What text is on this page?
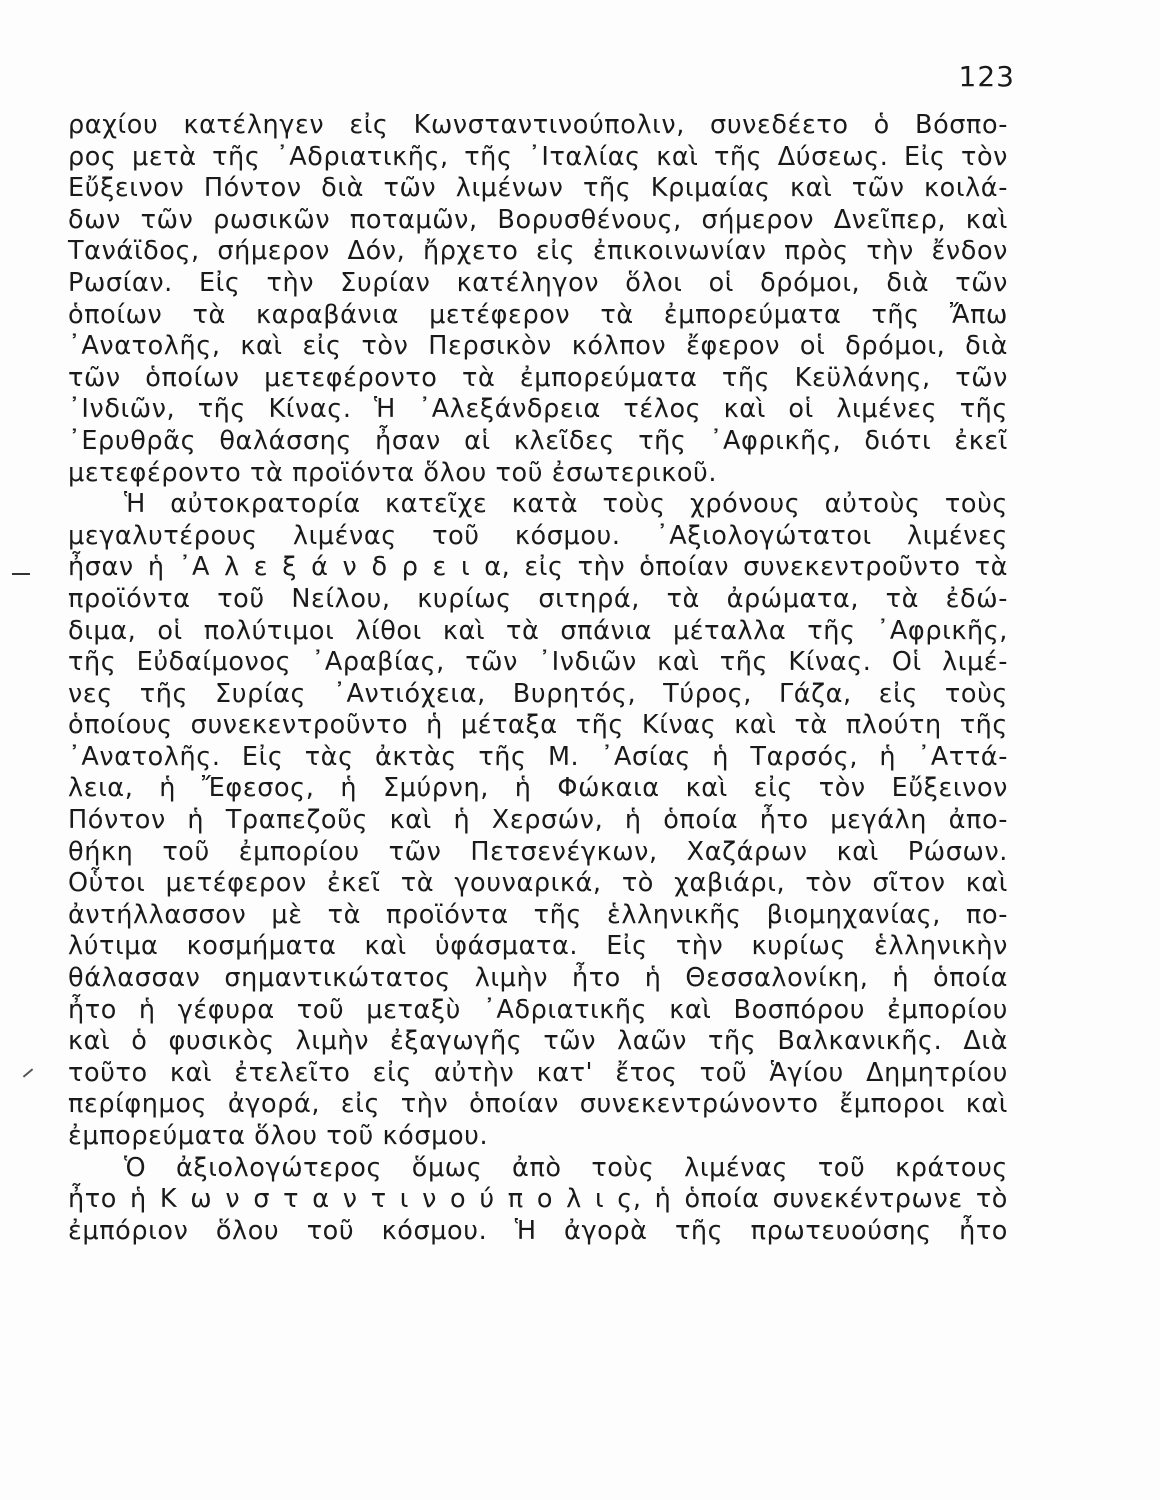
123
ραχίου κατέληγεν εἰς Κωνσταντινούπολιν, συνεδέετο ὁ Βόσπο-
ρος μετὰ τῆς ᾿Αδριατικῆς, τῆς ᾿Ιταλίας καὶ τῆς Δύσεως. Εἰς τὸν
Εὔξεινον Πόντον διὰ τῶν λιμένων τῆς Κριμαίας καὶ τῶν κοιλά-
δων τῶν ρωσικῶν ποταμῶν, Βορυσθένους, σήμερον Δνεῖπερ, καὶ
Τανάϊδος, σήμερον Δόν, ἤρχετο εἰς ἐπικοινωνίαν πρὸς τὴν ἔνδον
Ρωσίαν. Εἰς τὴν Συρίαν κατέληγον ὅλοι οἱ δρόμοι, διὰ τῶν
ὁποίων τὰ καραβάνια μετέφερον τὰ ἐμπορεύματα τῆς Ἄπω
᾿Ανατολῆς, καὶ εἰς τὸν Περσικὸν κόλπον ἔφερον οἱ δρόμοι, διὰ
τῶν ὁποίων μετεφέροντο τὰ ἐμπορεύματα τῆς Κεϋλάνης, τῶν
᾿Ινδιῶν, τῆς Κίνας. Ἡ ᾿Αλεξάνδρεια τέλος καὶ οἱ λιμένες τῆς
᾿Ερυθρᾶς θαλάσσης ἦσαν αἱ κλεῖδες τῆς ᾿Αφρικῆς, διότι ἐκεῖ
μετεφέροντο τὰ προϊόντα ὅλου τοῦ ἐσωτερικοῦ.
Ἡ αὐτοκρατορία κατεῖχε κατὰ τοὺς χρόνους αὐτοὺς τοὺς
μεγαλυτέρους λιμένας τοῦ κόσμου. ᾿Αξιολογώτατοι λιμένες
ἦσαν ἡ ᾿Α λ ε ξ ά ν δ ρ ε ι α, εἰς τὴν ὁποίαν συνεκεντροῦντο τὰ
προϊόντα τοῦ Νείλου, κυρίως σιτηρά, τὰ ἀρώματα, τὰ ἐδώ-
διμα, οἱ πολύτιμοι λίθοι καὶ τὰ σπάνια μέταλλα τῆς ᾿Αφρικῆς,
τῆς Εὐδαίμονος ᾿Αραβίας, τῶν ᾿Ινδιῶν καὶ τῆς Κίνας. Οἱ λιμέ-
νες τῆς Συρίας ᾿Αντιόχεια, Βυρητός, Τύρος, Γάζα, εἰς τοὺς
ὁποίους συνεκεντροῦντο ἡ μέταξα τῆς Κίνας καὶ τὰ πλούτη τῆς
᾿Ανατολῆς. Εἰς τὰς ἀκτὰς τῆς Μ. ᾿Ασίας ἡ Ταρσός, ἡ ᾿Αττά-
λεια, ἡ Ἔφεσος, ἡ Σμύρνη, ἡ Φώκαια καὶ εἰς τὸν Εὔξεινον
Πόντον ἡ Τραπεζοῦς καὶ ἡ Χερσών, ἡ ὁποία ἦτο μεγάλη ἀπο-
θήκη τοῦ ἐμπορίου τῶν Πετσενέγκων, Χαζάρων καὶ Ρώσων.
Οὗτοι μετέφερον ἐκεῖ τὰ γουναρικά, τὸ χαβιάρι, τὸν σῖτον καὶ
ἀντήλλασσον μὲ τὰ προϊόντα τῆς ἑλληνικῆς βιομηχανίας, πο-
λύτιμα κοσμήματα καὶ ὑφάσματα. Εἰς τὴν κυρίως ἑλληνικὴν
θάλασσαν σημαντικώτατος λιμὴν ἦτο ἡ Θεσσαλονίκη, ἡ ὁποία
ἦτο ἡ γέφυρα τοῦ μεταξὺ ᾿Αδριατικῆς καὶ Βοσπόρου ἐμπορίου
καὶ ὁ φυσικὸς λιμὴν ἐξαγωγῆς τῶν λαῶν τῆς Βαλκανικῆς. Διὰ
τοῦτο καὶ ἐτελεῖτο εἰς αὐτὴν κατ' ἔτος τοῦ Ἁγίου Δημητρίου
περίφημος ἀγορά, εἰς τὴν ὁποίαν συνεκεντρώνοντο ἔμποροι καὶ
ἐμπορεύματα ὅλου τοῦ κόσμου.
Ὁ ἀξιολογώτερος ὅμως ἀπὸ τοὺς λιμένας τοῦ κράτους
ἦτο ἡ Κ ω ν σ τ α ν τ ι ν ο ύ π ο λ ι ς, ἡ ὁποία συνεκέντρωνε τὸ
ἐμπόριον ὅλου τοῦ κόσμου. Ἡ ἀγορὰ τῆς πρωτευούσης ἦτο
